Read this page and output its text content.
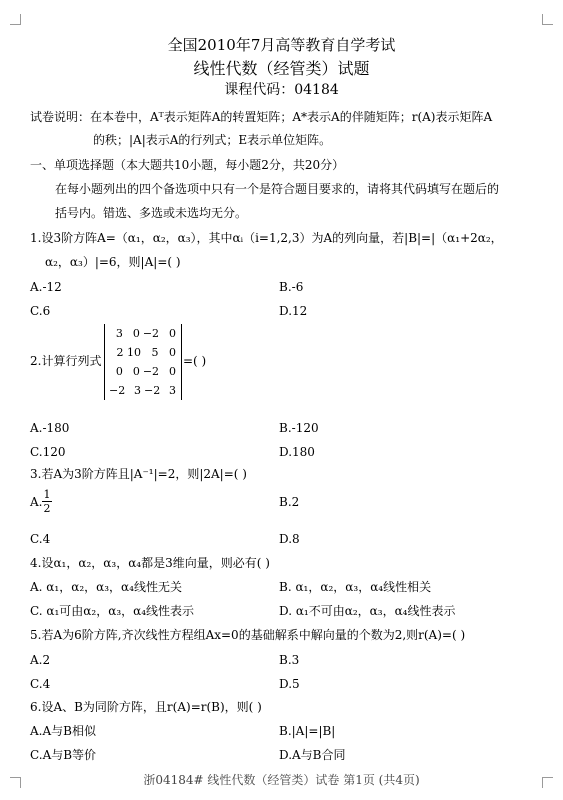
全国2010年7月高等教育自学考试
线性代数（经管类）试题
课程代码：04184
试卷说明：在本卷中，Aᵀ表示矩阵A的转置矩阵；A*表示A的伴随矩阵；r(A)表示矩阵A
的秩；|A|表示A的行列式；E表示单位矩阵。
一、单项选择题（本大题共10小题，每小题2分，共20分）
在每小题列出的四个备选项中只有一个是符合题目要求的，请将其代码填写在题后的
括号内。错选、多选或未选均无分。
1.设3阶方阵A=（α₁，α₂，α₃），其中αᵢ（i=1,2,3）为A的列向量，若|B|=|（α₁+2α₂，
α₂，α₃）|=6，则|A|=( )
A.-12	B.-6
C.6	D.12
2.计算行列式
3 0 −2 0
2 10 5 0
0 0 −2 0
−2 3 −2 3
=( )
A.-180	B.-120
C.120	D.180
3.若A为3阶方阵且|A⁻¹|=2，则|2A|=( )
A. $\frac{1}{2}$	B.2
C.4	D.8
4.设α₁，α₂，α₃，α₄都是3维向量，则必有( )
A. α₁，α₂，α₃，α₄线性无关	B. α₁，α₂，α₃，α₄线性相关
C. α₁可由α₂，α₃，α₄线性表示	D. α₁不可由α₂，α₃，α₄线性表示
5.若A为6阶方阵,齐次线性方程组Ax=0的基础解系中解向量的个数为2,则r(A)=( )
A.2	B.3
C.4	D.5
6.设A、B为同阶方阵，且r(A)=r(B)，则( )
A.A与B相似	B.|A|=|B|
C.A与B等价	D.A与B合同
浙04184# 线性代数（经管类）试卷 第1页 (共4页)
